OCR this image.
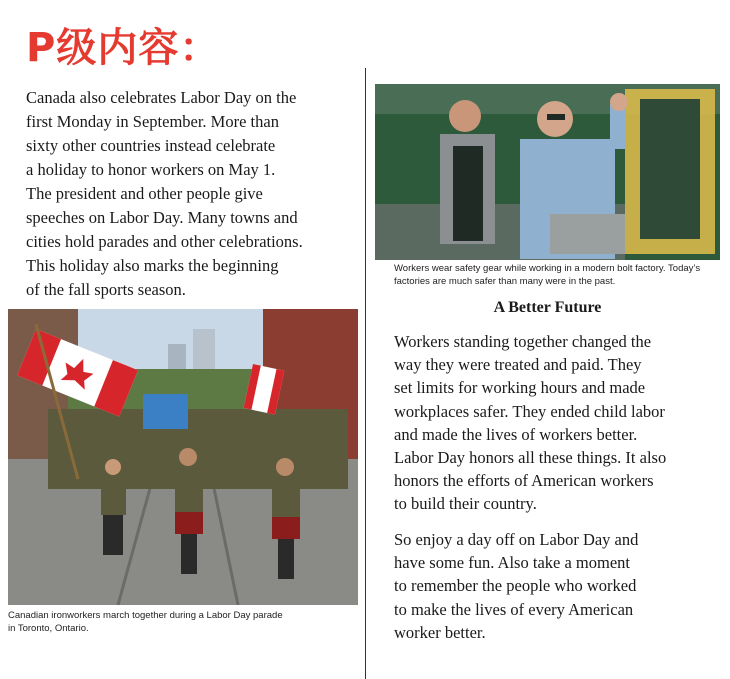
P级内容：
Canada also celebrates Labor Day on the
first Monday in September. More than
sixty other countries instead celebrate
a holiday to honor workers on May 1.
The president and other people give
speeches on Labor Day. Many towns and
cities hold parades and other celebrations.
This holiday also marks the beginning
of the fall sports season.
Canadian ironworkers march together during a Labor Day parade
in Toronto, Ontario.
Workers wear safety gear while working in a modern bolt factory. Today’s
factories are much safer than many were in the past.
A Better Future
Workers standing together changed the
way they were treated and paid. They
set limits for working hours and made
workplaces safer. They ended child labor
and made the lives of workers better.
Labor Day honors all these things. It also
honors the efforts of American workers
to build their country.
So enjoy a day off on Labor Day and
have some fun. Also take a moment
to remember the people who worked
to make the lives of every American
worker better.
